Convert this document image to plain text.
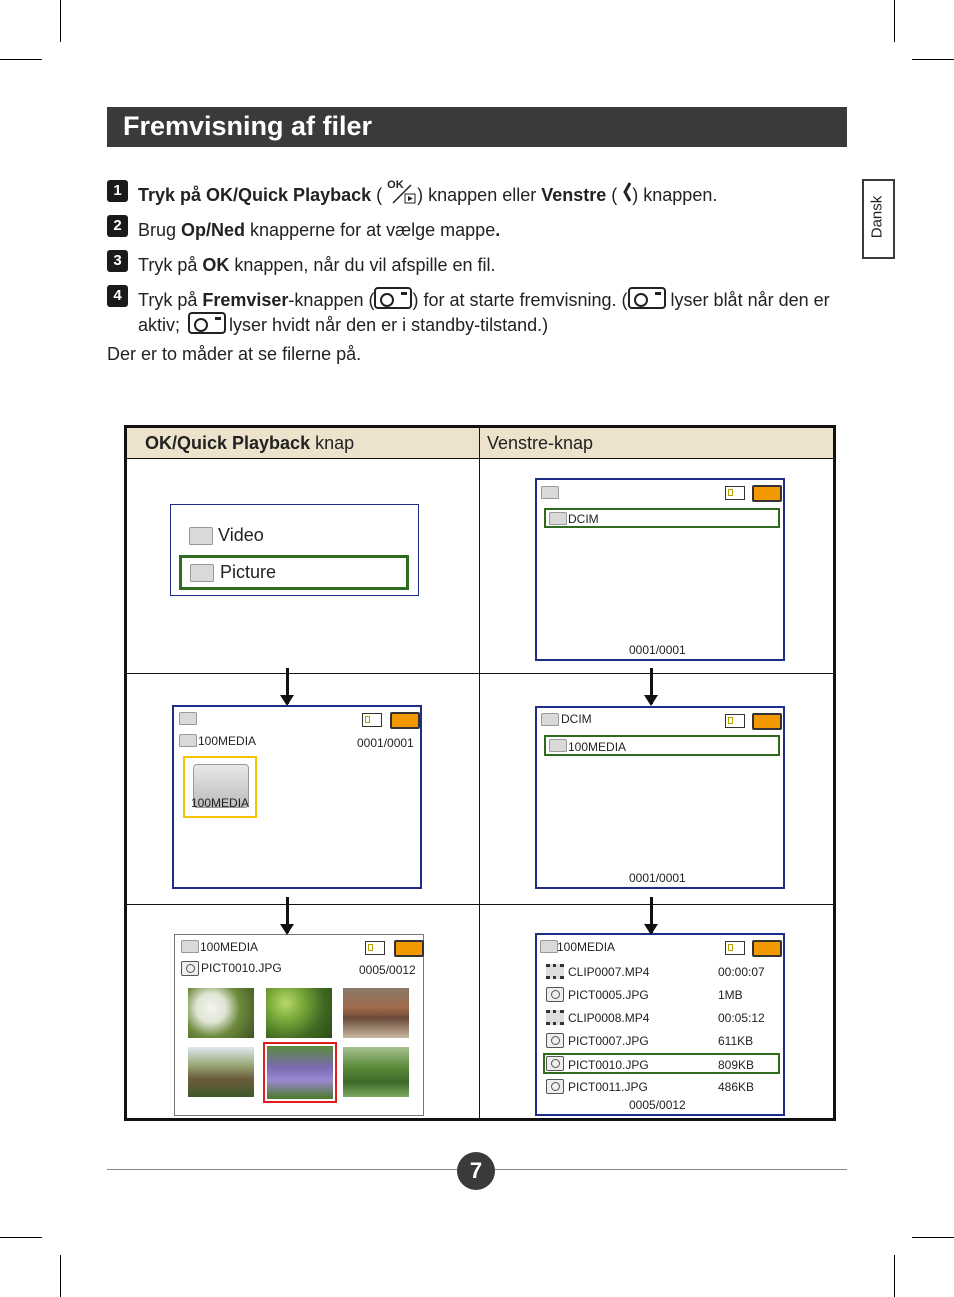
Fremvisning af filer
Dansk
1 Tryk på OK/Quick Playback ( OK ) knappen eller Venstre ( ) knappen.
2 Brug Op/Ned knapperne for at vælge mappe.
3 Tryk på OK knappen, når du vil afspille en fil.
4 Tryk på Fremviser-knappen ( ) for at starte fremvisning. ( lyser blåt når den er aktiv;	lyser hvidt når den er i standby-tilstand.)
Der er to måder at se filerne på.
OK/Quick Playback knap	Venstre-knap

Video
Picture
DCIM
0001/0001
100MEDIA	0001/0001
100MEDIA
DCIM
100MEDIA
0001/0001
100MEDIA
PICT0010.JPG	0005/0012
100MEDIA
CLIP0007.MP4	00:00:07
PICT0005.JPG	1MB
CLIP0008.MP4	00:05:12
PICT0007.JPG	611KB
PICT0010.JPG	809KB
PICT0011.JPG	486KB
0005/0012
7
